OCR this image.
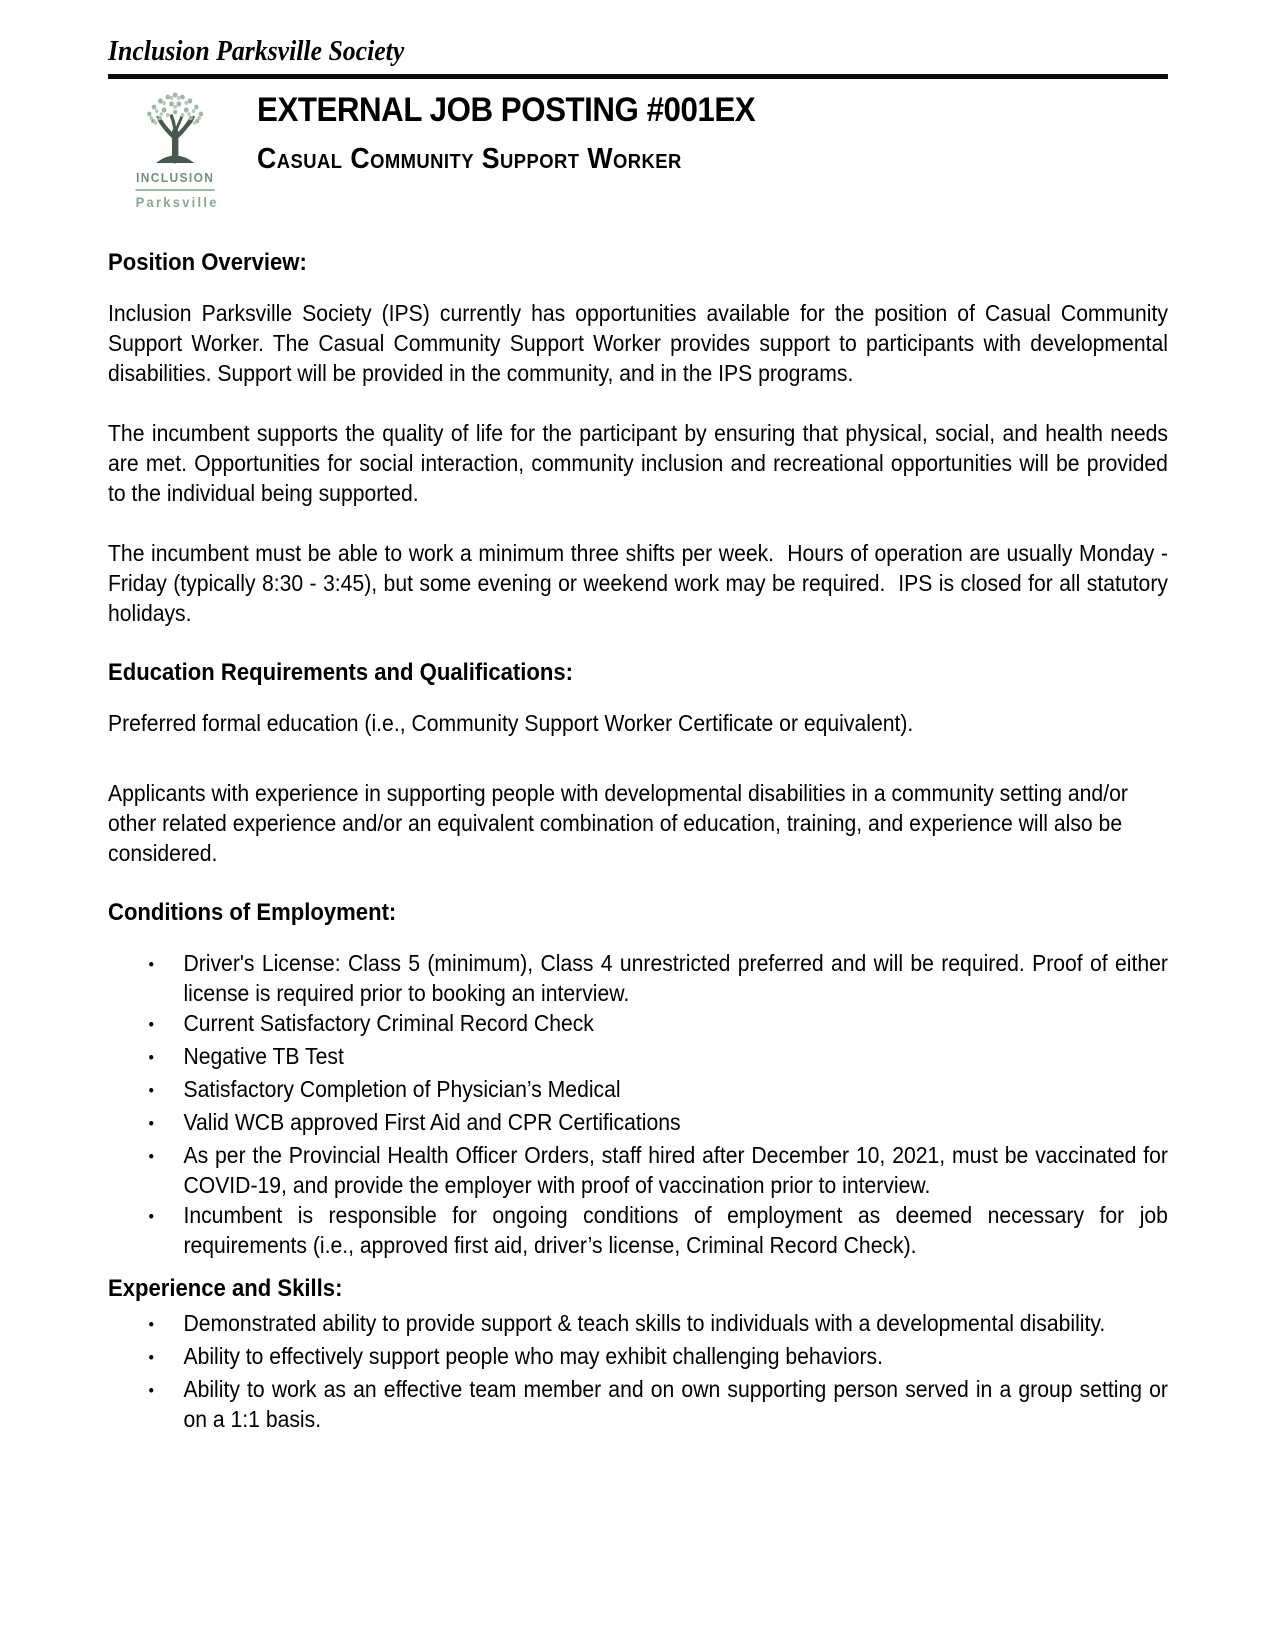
Inclusion Parksville Society
INCLUSION
Parksville
EXTERNAL JOB POSTING #001EX
Casual Community Support Worker
Position Overview:

Inclusion Parksville Society (IPS) currently has opportunities available for the position of Casual Community Support Worker. The Casual Community Support Worker provides support to participants with developmental disabilities. Support will be provided in the community, and in the IPS programs.

The incumbent supports the quality of life for the participant by ensuring that physical, social, and health needs are met. Opportunities for social interaction, community inclusion and recreational opportunities will be provided to the individual being supported.

The incumbent must be able to work a minimum three shifts per week.  Hours of operation are usually Monday - Friday (typically 8:30 - 3:45), but some evening or weekend work may be required.  IPS is closed for all statutory holidays.

Education Requirements and Qualifications:

Preferred formal education (i.e., Community Support Worker Certificate or equivalent).

Applicants with experience in supporting people with developmental disabilities in a community setting and/or other related experience and/or an equivalent combination of education, training, and experience will also be considered.

Conditions of Employment:
•
Driver's License: Class 5 (minimum), Class 4 unrestricted preferred and will be required. Proof of either license is required prior to booking an interview.
•
Current Satisfactory Criminal Record Check
•
Negative TB Test
•
Satisfactory Completion of Physician’s Medical
•
Valid WCB approved First Aid and CPR Certifications
•
As per the Provincial Health Officer Orders, staff hired after December 10, 2021, must be vaccinated for COVID-19, and provide the employer with proof of vaccination prior to interview.
•
Incumbent is responsible for ongoing conditions of employment as deemed necessary for job requirements (i.e., approved first aid, driver’s license, Criminal Record Check).
Experience and Skills:
•
Demonstrated ability to provide support & teach skills to individuals with a developmental disability.
•
Ability to effectively support people who may exhibit challenging behaviors.
•
Ability to work as an effective team member and on own supporting person served in a group setting or on a 1:1 basis.
